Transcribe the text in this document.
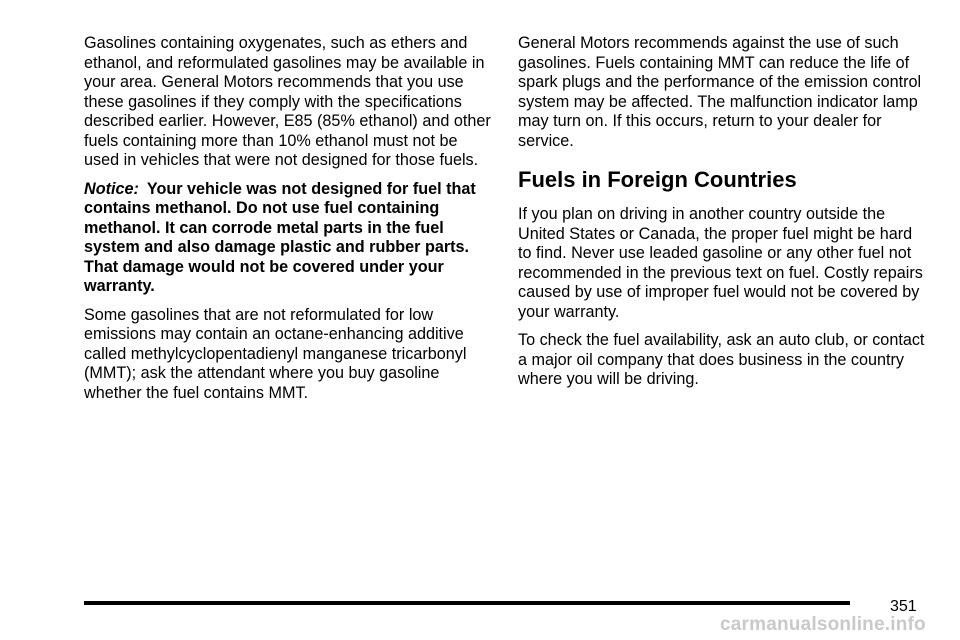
Gasolines containing oxygenates, such as ethers and ethanol, and reformulated gasolines may be available in your area. General Motors recommends that you use these gasolines if they comply with the specifications described earlier. However, E85 (85% ethanol) and other fuels containing more than 10% ethanol must not be used in vehicles that were not designed for those fuels.

Notice: Your vehicle was not designed for fuel that contains methanol. Do not use fuel containing methanol. It can corrode metal parts in the fuel system and also damage plastic and rubber parts. That damage would not be covered under your warranty.

Some gasolines that are not reformulated for low emissions may contain an octane-enhancing additive called methylcyclopentadienyl manganese tricarbonyl (MMT); ask the attendant where you buy gasoline whether the fuel contains MMT.

General Motors recommends against the use of such gasolines. Fuels containing MMT can reduce the life of spark plugs and the performance of the emission control system may be affected. The malfunction indicator lamp may turn on. If this occurs, return to your dealer for service.

Fuels in Foreign Countries

If you plan on driving in another country outside the United States or Canada, the proper fuel might be hard to find. Never use leaded gasoline or any other fuel not recommended in the previous text on fuel. Costly repairs caused by use of improper fuel would not be covered by your warranty.

To check the fuel availability, ask an auto club, or contact a major oil company that does business in the country where you will be driving.

351
carmanualsonline.info
